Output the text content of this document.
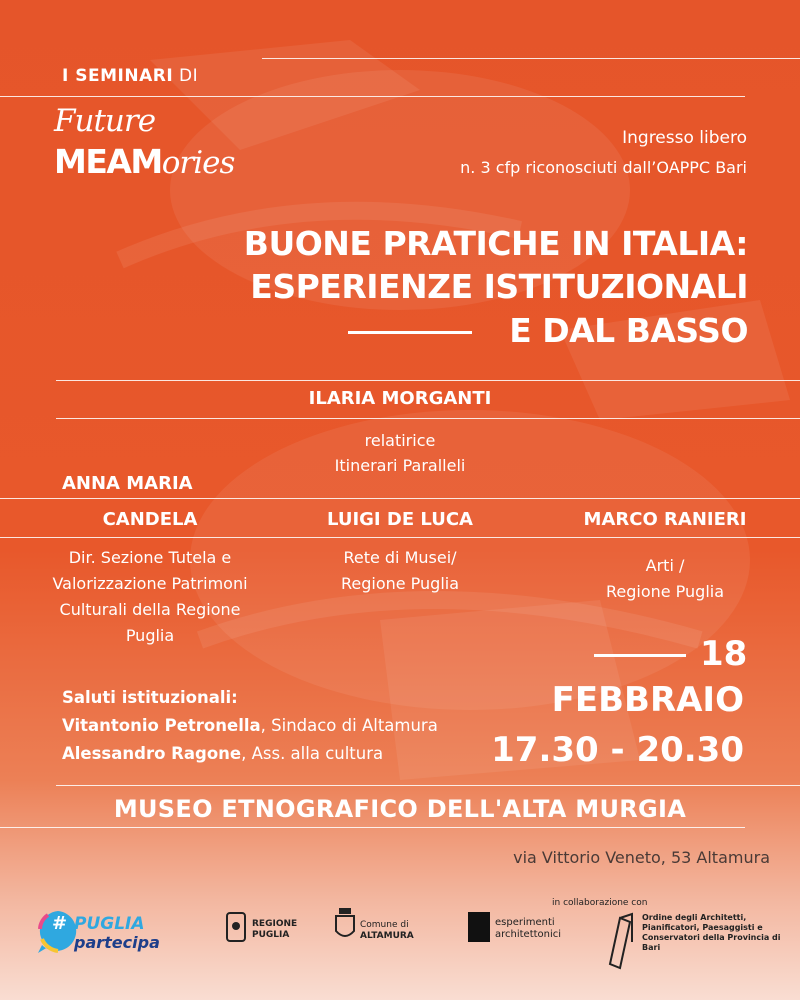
I SEMINARI DI
Future
MEAMories
Ingresso libero
n. 3 cfp riconosciuti dall’OAPPC Bari
BUONE PRATICHE IN ITALIA:
ESPERIENZE ISTITUZIONALI
E DAL BASSO
ILARIA MORGANTI
relatirice
Itinerari Paralleli
ANNA MARIA
CANDELA
Dir. Sezione Tutela e
Valorizzazione Patrimoni
Culturali della Regione
Puglia
LUIGI DE LUCA
Rete di Musei/
Regione Puglia
MARCO RANIERI
Arti /
Regione Puglia
18
FEBBRAIO
17.30 - 20.30
Saluti istituzionali:
Vitantonio Petronella, Sindaco di Altamura
Alessandro Ragone, Ass. alla cultura
MUSEO ETNOGRAFICO DELL'ALTA MURGIA
via Vittorio Veneto, 53 Altamura
in collaborazione con
# PUGLIA
partecipa
REGIONE
PUGLIA
Comune di
ALTAMURA
esperimenti
architettonici
Ordine degli Architetti,
Pianificatori, Paesaggisti e
Conservatori della Provincia di Bari
